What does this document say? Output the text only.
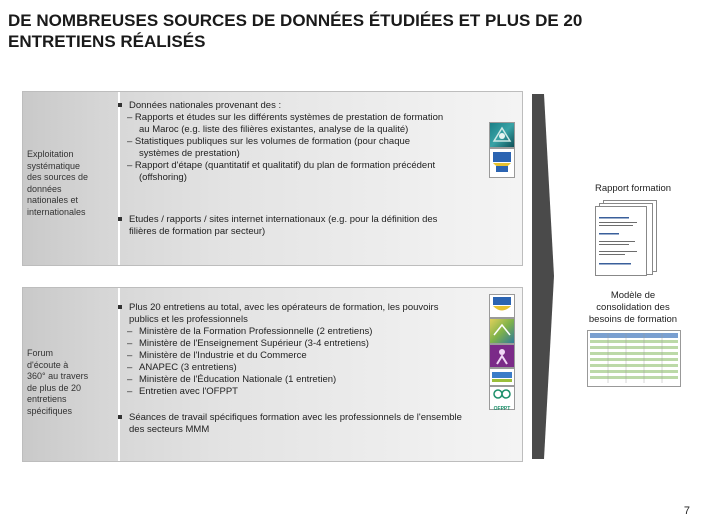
DE NOMBREUSES SOURCES DE DONNÉES ÉTUDIÉES ET PLUS DE 20
ENTRETIENS RÉALISÉS
Exploitation
systématique
des sources de
données
nationales et
internationales
Données nationales provenant des :
– Rapports et études sur les différents systèmes de prestation de formation
au Maroc (e.g. liste des filières existantes, analyse de la qualité)
– Statistiques publiques sur les volumes de formation (pour chaque
systèmes de prestation)
– Rapport d'étape (quantitatif et qualitatif) du plan de formation précédent
(offshoring)
Etudes / rapports / sites internet internationaux (e.g. pour la définition des
filières de formation par secteur)
Forum
d'écoute à
360° au travers
de plus de 20
entretiens
spécifiques
Plus 20 entretiens au total, avec les opérateurs de formation, les pouvoirs
publics et les professionnels
– Ministère de la Formation Professionnelle (2 entretiens)
– Ministère de l'Enseignement Supérieur (3-4 entretiens)
– Ministère de l'Industrie et du Commerce
– ANAPEC (3 entretiens)
– Ministère de l'Éducation Nationale (1 entretien)
– Entretien avec l'OFPPT
Séances de travail spécifiques formation avec les professionnels de l'ensemble
des secteurs MMM
OFPPT
Rapport formation
Modèle de
consolidation des
besoins de formation
7
